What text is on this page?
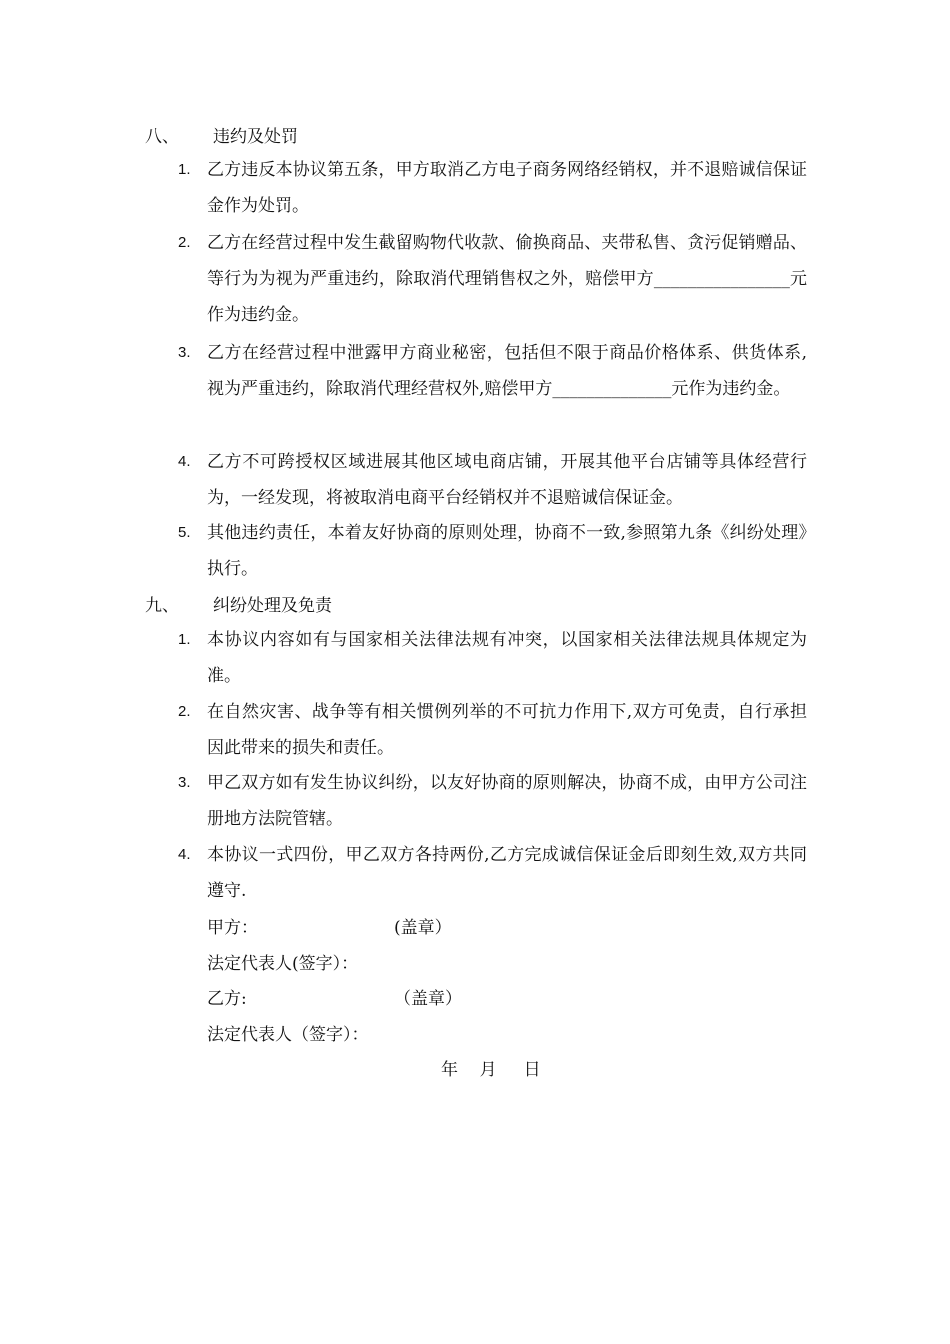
八、 违约及处罚
1. 乙方违反本协议第五条，甲方取消乙方电子商务网络经销权，并不退赔诚信保证金作为处罚。
2. 乙方在经营过程中发生截留购物代收款、偷换商品、夹带私售、贪污促销赠品、等行为为视为严重违约，除取消代理销售权之外，赔偿甲方________________元作为违约金。
3. 乙方在经营过程中泄露甲方商业秘密，包括但不限于商品价格体系、供货体系,视为严重违约，除取消代理经营权外,赔偿甲方______________元作为违约金。
4. 乙方不可跨授权区域进展其他区域电商店铺，开展其他平台店铺等具体经营行为，一经发现，将被取消电商平台经销权并不退赔诚信保证金。
5. 其他违约责任，本着友好协商的原则处理，协商不一致,参照第九条《纠纷处理》执行。
九、 纠纷处理及免责
1. 本协议内容如有与国家相关法律法规有冲突，以国家相关法律法规具体规定为准。
2. 在自然灾害、战争等有相关惯例列举的不可抗力作用下,双方可免责，自行承担因此带来的损失和责任。
3. 甲乙双方如有发生协议纠纷，以友好协商的原则解决，协商不成，由甲方公司注册地方法院管辖。
4. 本协议一式四份，甲乙双方各持两份,乙方完成诚信保证金后即刻生效,双方共同遵守.
甲方：	(盖章）
法定代表人(签字）：
乙方:	（盖章）
法定代表人（签字）：
年    月     日
